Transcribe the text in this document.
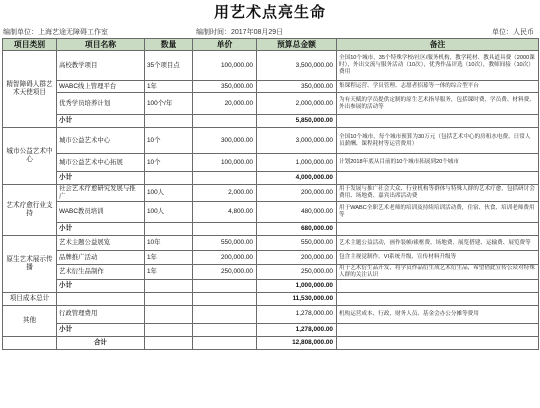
用艺术点亮生命
编制单位：上海艺途无障碍工作室	编制时间：2017年08月29日	单位：人民币
项目类别	项目名称	数量	单价	预算总金额	备注
精智障碍人群艺术天使项目	高校教学项目	35个项目点	100,000.00	3,500,000.00	全国10个城市，35个特殊学校/社区/服务机构，教学耗材、教具道具费（2000课时），外出交流与服务活动（10次），优秀作品评选（10次），教师间接（10次）费用
	WABC线上管理平台	1年	350,000.00	350,000.00	集课程运营、学员管理、志愿者招募等一体的综合型平台
	优秀学员培养计划	100个/年	20,000.00	2,000,000.00	为有天赋的学员提供定制的原生艺术指导服务，包括课时费、学员费、材料费、外出参展的活动等
	小计			5,850,000.00	
城市公益艺术中心	城市公益艺术中心	10个	300,000.00	3,000,000.00	全国10个城市，每个城市预算为30万元（包括艺术中心的房租水电费、日常人员薪酬、课程耗材等运营费用）
	城市公益艺术中心拓展	10个	100,000.00	1,000,000.00	计划2018年底从目前的10个城市拓展到20个城市
	小计			4,000,000.00	
艺术疗愈行业支持	社会艺术疗愈研究发展与推广	100人	2,000.00	200,000.00	用于发展与推广社会大众、行业机构等群体与特殊人群的艺术疗愈，包括研讨会费用、场地费、嘉宾出席活动费
	WABC教员培训	100人	4,800.00	480,000.00	用于WABC全职艺术老师的培训及持续培训活动费，住宿、伙食、培训老师费用等
	小计			680,000.00	
原生艺术展示传播	艺术主题公益展览	10年	550,000.00	550,000.00	艺术主题公益活动，画作装帧/裱框费、场地费、展览搭建、运输费、展览费等
	品牌推广活动	1年	200,000.00	200,000.00	包含主视觉制作、VI系统升级、宣传材料升级等
	艺术衍生品制作	1年	250,000.00	250,000.00	用于艺术衍生品开发，将学员作品衍生成艺术衍生品，希望借此宣传公众对特殊人群的关注认识
	小计			1,000,000.00	
项目成本总计				11,530,000.00	
其他	行政管理费用			1,278,000.00	机构运营成本、行政、财务人员、基金会办公分摊等费用
	小计			1,278,000.00	
	合计			12,808,000.00	
